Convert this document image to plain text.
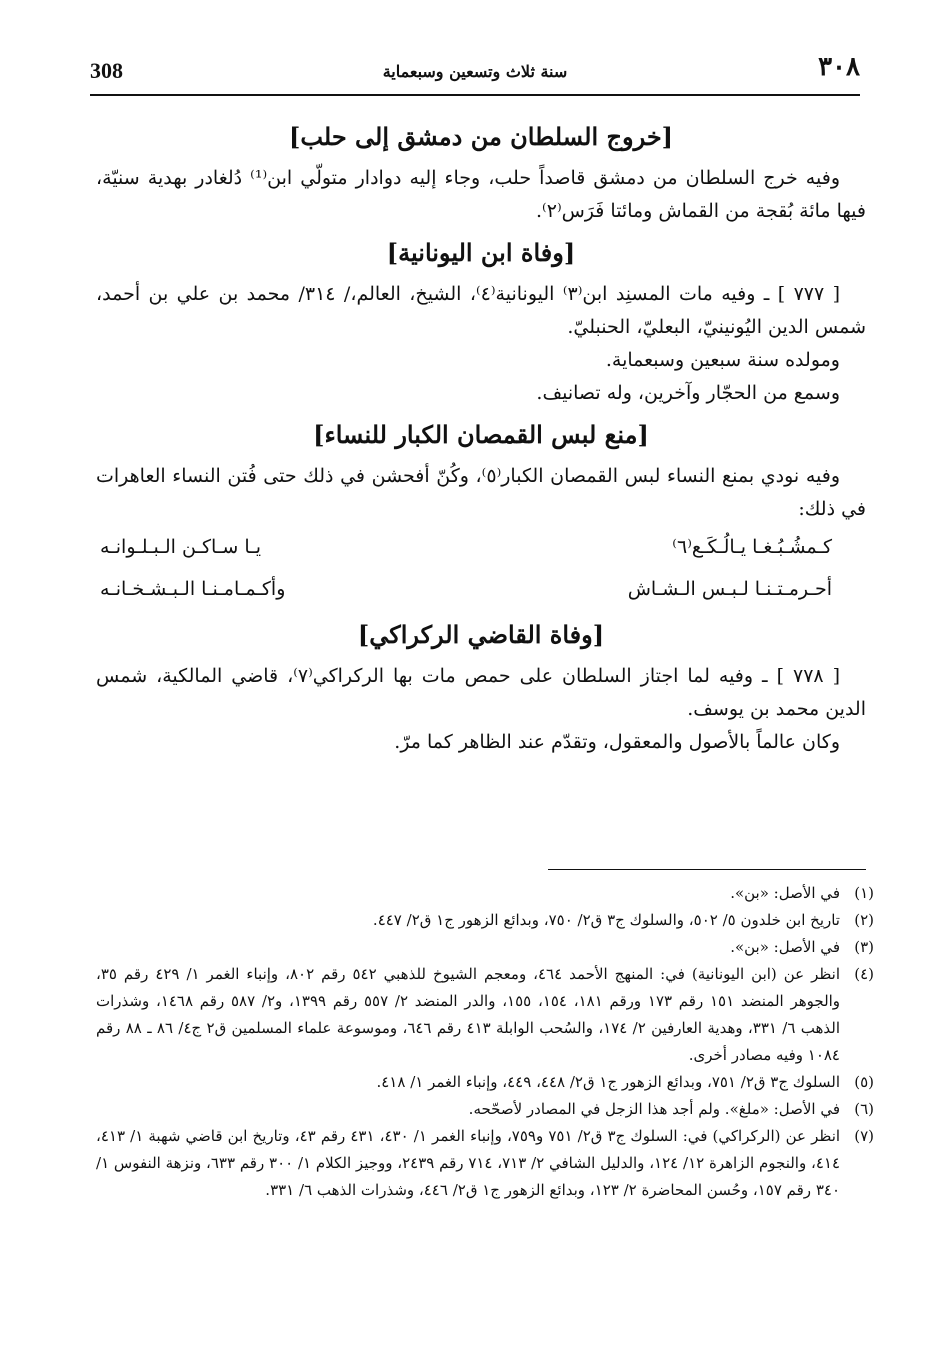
308	سنة ثلاث وتسعين وسبعماية	٣٠٨
[خروج السلطان من دمشق إلى حلب]

وفيه خرج السلطان من دمشق قاصداً حلب، وجاء إليه دوادار متولّي ابن⁽¹⁾ دُلغادر بهدية سنيّة، فيها مائة بُقجة من القماش ومائتا فَرَس⁽٢⁾.

[وفاة ابن اليونانية]

[ ٧٧٧ ] ـ وفيه مات المسنِد ابن⁽٣⁾ اليونانية⁽٤⁾، الشيخ، العالم،/ ٣١٤/ محمد بن علي بن أحمد، شمس الدين اليُونينيّ، البعليّ، الحنبليّ.

ومولده سنة سبعين وسبعماية.

وسمع من الحجّار وآخرين، وله تصانيف.

[منع لبس القمصان الكبار للنساء]

وفيه نودي بمنع النساء لبس القمصان الكبار⁽٥⁾، وكُنّ أفحشن في ذلك حتى فُتن النساء العاهرات في ذلك:

كـمشُـبُـغـا يـالُـكَـع⁽٦⁾
يـا سـاكـن الـبـلـوانـه
أحـرمـتـنـا لـبـس الـشـاش
وأكـمـامـنـا الـبـشـخـانـه
[وفاة القاضي الركراكي]

[ ٧٧٨ ] ـ وفيه لما اجتاز السلطان على حمص مات بها الركراكي⁽٧⁾، قاضي المالكية، شمس الدين محمد بن يوسف.

وكان عالماً بالأصول والمعقول، وتقدّم عند الظاهر كما مرّ.

(١)
في الأصل: «بن».

(٢)
تاريخ ابن خلدون ٥/ ٥٠٢، والسلوك ج٣ ق٢/ ٧٥٠، وبدائع الزهور ج١ ق٢/ ٤٤٧.

(٣)
في الأصل: «بن».

(٤)
انظر عن (ابن اليونانية) في: المنهج الأحمد ٤٦٤، ومعجم الشيوخ للذهبي ٥٤٢ رقم ٨٠٢، وإنباء الغمر ١/ ٤٢٩ رقم ٣٥، والجوهر المنضد ١٥١ رقم ١٧٣ ورقم ١٨١، ١٥٤، ١٥٥، والدر المنضد ٢/ ٥٥٧ رقم ١٣٩٩، و٢/ ٥٨٧ رقم ١٤٦٨، وشذرات الذهب ٦/ ٣٣١، وهدية العارفين ٢/ ١٧٤، والسُحب الوابلة ٤١٣ رقم ٦٤٦، وموسوعة علماء المسلمين ق٢ ج٤/ ٨٦ ـ ٨٨ رقم ١٠٨٤ وفيه مصادر أخرى.

(٥)
السلوك ج٣ ق٢/ ٧٥١، وبدائع الزهور ج١ ق٢/ ٤٤٨، ٤٤٩، وإنباء الغمر ١/ ٤١٨.

(٦)
في الأصل: «ملغ». ولم أجد هذا الزجل في المصادر لأصحّحه.

(٧)
انظر عن (الركراكي) في: السلوك ج٣ ق٢/ ٧٥١ و٧٥٩، وإنباء الغمر ١/ ٤٣٠، ٤٣١ رقم ٤٣، وتاريخ ابن قاضي شهبة ١/ ٤١٣، ٤١٤، والنجوم الزاهرة ١٢/ ١٢٤، والدليل الشافي ٢/ ٧١٣، ٧١٤ رقم ٢٤٣٩، ووجيز الكلام ١/ ٣٠٠ رقم ٦٣٣، ونزهة النفوس ١/ ٣٤٠ رقم ١٥٧، وحُسن المحاضرة ٢/ ١٢٣، وبدائع الزهور ج١ ق٢/ ٤٤٦، وشذرات الذهب ٦/ ٣٣١.
